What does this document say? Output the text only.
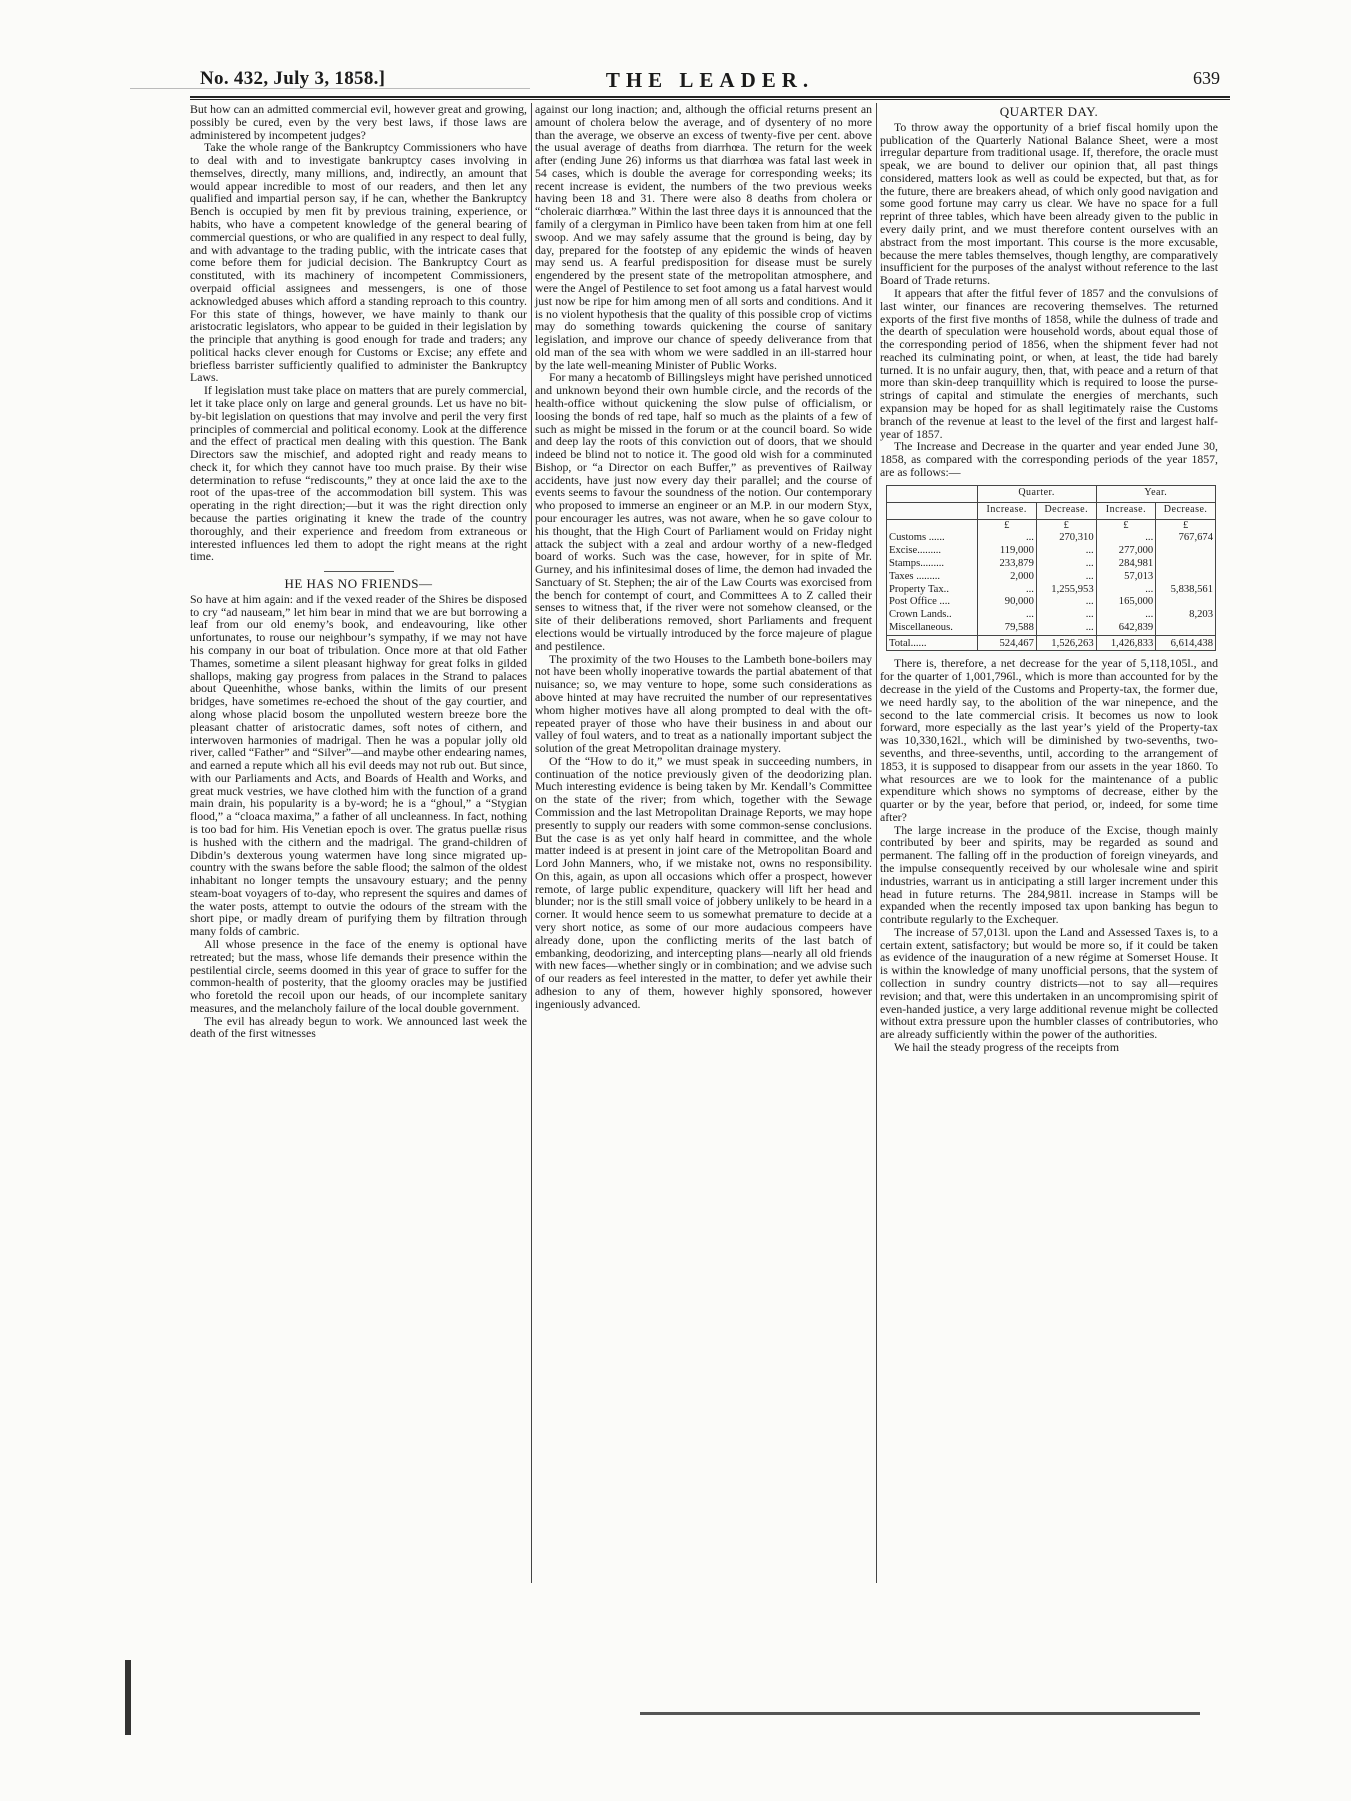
No. 432, July 3, 1858.]	THE LEADER.	639

But how can an admitted commercial evil, however great and growing, possibly be cured, even by the very best laws, if those laws are administered by incompetent judges?

Take the whole range of the Bankruptcy Commissioners who have to deal with and to investigate bankruptcy cases involving in themselves, directly, many millions, and, indirectly, an amount that would appear incredible to most of our readers, and then let any qualified and impartial person say, if he can, whether the Bankruptcy Bench is occupied by men fit by previous training, experience, or habits, who have a competent knowledge of the general bearing of commercial questions, or who are qualified in any respect to deal fully, and with advantage to the trading public, with the intricate cases that come before them for judicial decision. The Bankruptcy Court as constituted, with its machinery of incompetent Commissioners, overpaid official assignees and messengers, is one of those acknowledged abuses which afford a standing reproach to this country. For this state of things, however, we have mainly to thank our aristocratic legislators, who appear to be guided in their legislation by the principle that anything is good enough for trade and traders; any political hacks clever enough for Customs or Excise; any effete and briefless barrister sufficiently qualified to administer the Bankruptcy Laws.

If legislation must take place on matters that are purely commercial, let it take place only on large and general grounds. Let us have no bit-by-bit legislation on questions that may involve and peril the very first principles of commercial and political economy. Look at the difference and the effect of practical men dealing with this question. The Bank Directors saw the mischief, and adopted right and ready means to check it, for which they cannot have too much praise. By their wise determination to refuse “rediscounts,” they at once laid the axe to the root of the upas-tree of the accommodation bill system. This was operating in the right direction;—but it was the right direction only because the parties originating it knew the trade of the country thoroughly, and their experience and freedom from extraneous or interested influences led them to adopt the right means at the right time.

HE HAS NO FRIENDS—

So have at him again: and if the vexed reader of the Shires be disposed to cry “ad nauseam,” let him bear in mind that we are but borrowing a leaf from our old enemy’s book, and endeavouring, like other unfortunates, to rouse our neighbour’s sympathy, if we may not have his company in our boat of tribulation. Once more at that old Father Thames, sometime a silent pleasant highway for great folks in gilded shallops, making gay progress from palaces in the Strand to palaces about Queenhithe, whose banks, within the limits of our present bridges, have sometimes re-echoed the shout of the gay courtier, and along whose placid bosom the unpolluted western breeze bore the pleasant chatter of aristocratic dames, soft notes of cithern, and interwoven harmonies of madrigal. Then he was a popular jolly old river, called “Father” and “Silver”—and maybe other endearing names, and earned a repute which all his evil deeds may not rub out. But since, with our Parliaments and Acts, and Boards of Health and Works, and great muck vestries, we have clothed him with the function of a grand main drain, his popularity is a by-word; he is a “ghoul,” a “Stygian flood,” a “cloaca maxima,” a father of all uncleanness. In fact, nothing is too bad for him. His Venetian epoch is over. The gratus puellæ risus is hushed with the cithern and the madrigal. The grand-children of Dibdin’s dexterous young watermen have long since migrated up-country with the swans before the sable flood; the salmon of the oldest inhabitant no longer tempts the unsavoury estuary; and the penny steam-boat voyagers of to-day, who represent the squires and dames of the water posts, attempt to outvie the odours of the stream with the short pipe, or madly dream of purifying them by filtration through many folds of cambric.

All whose presence in the face of the enemy is optional have retreated; but the mass, whose life demands their presence within the pestilential circle, seems doomed in this year of grace to suffer for the common-health of posterity, that the gloomy oracles may be justified who foretold the recoil upon our heads, of our incomplete sanitary measures, and the melancholy failure of the local double government.

The evil has already begun to work. We announced last week the death of the first witnesses

against our long inaction; and, although the official returns present an amount of cholera below the average, and of dysentery of no more than the average, we observe an excess of twenty-five per cent. above the usual average of deaths from diarrhœa. The return for the week after (ending June 26) informs us that diarrhœa was fatal last week in 54 cases, which is double the average for corresponding weeks; its recent increase is evident, the numbers of the two previous weeks having been 18 and 31. There were also 8 deaths from cholera or “choleraic diarrhœa.” Within the last three days it is announced that the family of a clergyman in Pimlico have been taken from him at one fell swoop. And we may safely assume that the ground is being, day by day, prepared for the footstep of any epidemic the winds of heaven may send us. A fearful predisposition for disease must be surely engendered by the present state of the metropolitan atmosphere, and were the Angel of Pestilence to set foot among us a fatal harvest would just now be ripe for him among men of all sorts and conditions. And it is no violent hypothesis that the quality of this possible crop of victims may do something towards quickening the course of sanitary legislation, and improve our chance of speedy deliverance from that old man of the sea with whom we were saddled in an ill-starred hour by the late well-meaning Minister of Public Works.

For many a hecatomb of Billingsleys might have perished unnoticed and unknown beyond their own humble circle, and the records of the health-office without quickening the slow pulse of officialism, or loosing the bonds of red tape, half so much as the plaints of a few of such as might be missed in the forum or at the council board. So wide and deep lay the roots of this conviction out of doors, that we should indeed be blind not to notice it. The good old wish for a comminuted Bishop, or “a Director on each Buffer,” as preventives of Railway accidents, have just now every day their parallel; and the course of events seems to favour the soundness of the notion. Our contemporary who proposed to immerse an engineer or an M.P. in our modern Styx, pour encourager les autres, was not aware, when he so gave colour to his thought, that the High Court of Parliament would on Friday night attack the subject with a zeal and ardour worthy of a new-fledged board of works. Such was the case, however, for in spite of Mr. Gurney, and his infinitesimal doses of lime, the demon had invaded the Sanctuary of St. Stephen; the air of the Law Courts was exorcised from the bench for contempt of court, and Committees A to Z called their senses to witness that, if the river were not somehow cleansed, or the site of their deliberations removed, short Parliaments and frequent elections would be virtually introduced by the force majeure of plague and pestilence.

The proximity of the two Houses to the Lambeth bone-boilers may not have been wholly inoperative towards the partial abatement of that nuisance; so, we may venture to hope, some such considerations as above hinted at may have recruited the number of our representatives whom higher motives have all along prompted to deal with the oft-repeated prayer of those who have their business in and about our valley of foul waters, and to treat as a nationally important subject the solution of the great Metropolitan drainage mystery.

Of the “How to do it,” we must speak in succeeding numbers, in continuation of the notice previously given of the deodorizing plan. Much interesting evidence is being taken by Mr. Kendall’s Committee on the state of the river; from which, together with the Sewage Commission and the last Metropolitan Drainage Reports, we may hope presently to supply our readers with some common-sense conclusions. But the case is as yet only half heard in committee, and the whole matter indeed is at present in joint care of the Metropolitan Board and Lord John Manners, who, if we mistake not, owns no responsibility. On this, again, as upon all occasions which offer a prospect, however remote, of large public expenditure, quackery will lift her head and blunder; nor is the still small voice of jobbery unlikely to be heard in a corner. It would hence seem to us somewhat premature to decide at a very short notice, as some of our more audacious compeers have already done, upon the conflicting merits of the last batch of embanking, deodorizing, and intercepting plans—nearly all old friends with new faces—whether singly or in combination; and we advise such of our readers as feel interested in the matter, to defer yet awhile their adhesion to any of them, however highly sponsored, however ingeniously advanced.

QUARTER DAY.

To throw away the opportunity of a brief fiscal homily upon the publication of the Quarterly National Balance Sheet, were a most irregular departure from traditional usage. If, therefore, the oracle must speak, we are bound to deliver our opinion that, all past things considered, matters look as well as could be expected, but that, as for the future, there are breakers ahead, of which only good navigation and some good fortune may carry us clear. We have no space for a full reprint of three tables, which have been already given to the public in every daily print, and we must therefore content ourselves with an abstract from the most important. This course is the more excusable, because the mere tables themselves, though lengthy, are comparatively insufficient for the purposes of the analyst without reference to the last Board of Trade returns.

It appears that after the fitful fever of 1857 and the convulsions of last winter, our finances are recovering themselves. The returned exports of the first five months of 1858, while the dulness of trade and the dearth of speculation were household words, about equal those of the corresponding period of 1856, when the shipment fever had not reached its culminating point, or when, at least, the tide had barely turned. It is no unfair augury, then, that, with peace and a return of that more than skin-deep tranquillity which is required to loose the purse-strings of capital and stimulate the energies of merchants, such expansion may be hoped for as shall legitimately raise the Customs branch of the revenue at least to the level of the first and largest half-year of 1857.

The Increase and Decrease in the quarter and year ended June 30, 1858, as compared with the corresponding periods of the year 1857, are as follows:—

	Quarter.		Year.	
	Increase.	Decrease.	Increase.	Decrease.
	£	£	£	£
Customs ......	...	270,310	...	767,674
Excise.........	119,000	...	277,000	
Stamps.........	233,879	...	284,981	
Taxes .........	2,000	...	57,013	
Property Tax..	...	1,255,953	...	5,838,561
Post Office ....	90,000	...	165,000	
Crown Lands..	...	...	...	8,203
Miscellaneous.	79,588	...	642,839	
Total......	524,467	1,526,263	1,426,833	6,614,438

There is, therefore, a net decrease for the year of 5,118,105l., and for the quarter of 1,001,796l., which is more than accounted for by the decrease in the yield of the Customs and Property-tax, the former due, we need hardly say, to the abolition of the war ninepence, and the second to the late commercial crisis. It becomes us now to look forward, more especially as the last year’s yield of the Property-tax was 10,330,162l., which will be diminished by two-sevenths, two-sevenths, and three-sevenths, until, according to the arrangement of 1853, it is supposed to disappear from our assets in the year 1860. To what resources are we to look for the maintenance of a public expenditure which shows no symptoms of decrease, either by the quarter or by the year, before that period, or, indeed, for some time after?

The large increase in the produce of the Excise, though mainly contributed by beer and spirits, may be regarded as sound and permanent. The falling off in the production of foreign vineyards, and the impulse consequently received by our wholesale wine and spirit industries, warrant us in anticipating a still larger increment under this head in future returns. The 284,981l. increase in Stamps will be expanded when the recently imposed tax upon banking has begun to contribute regularly to the Exchequer.

The increase of 57,013l. upon the Land and Assessed Taxes is, to a certain extent, satisfactory; but would be more so, if it could be taken as evidence of the inauguration of a new régime at Somerset House. It is within the knowledge of many unofficial persons, that the system of collection in sundry country districts—not to say all—requires revision; and that, were this undertaken in an uncompromising spirit of even-handed justice, a very large additional revenue might be collected without extra pressure upon the humbler classes of contributories, who are already sufficiently within the power of the authorities.

We hail the steady progress of the receipts from
